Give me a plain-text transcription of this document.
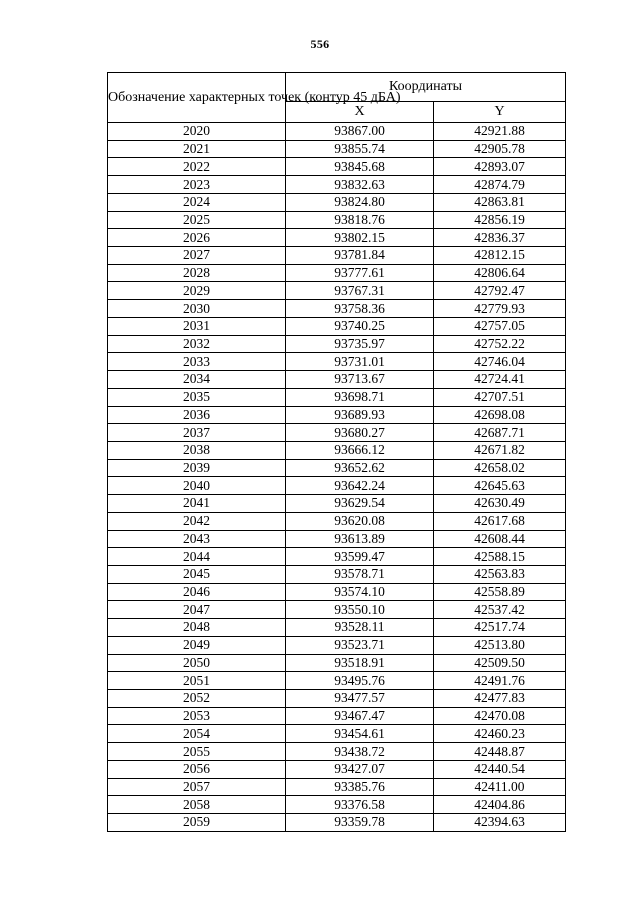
556
Обозначение характерных точек (контур 45 дБА)	Координаты	
	X	Y
2020	93867.00	42921.88
2021	93855.74	42905.78
2022	93845.68	42893.07
2023	93832.63	42874.79
2024	93824.80	42863.81
2025	93818.76	42856.19
2026	93802.15	42836.37
2027	93781.84	42812.15
2028	93777.61	42806.64
2029	93767.31	42792.47
2030	93758.36	42779.93
2031	93740.25	42757.05
2032	93735.97	42752.22
2033	93731.01	42746.04
2034	93713.67	42724.41
2035	93698.71	42707.51
2036	93689.93	42698.08
2037	93680.27	42687.71
2038	93666.12	42671.82
2039	93652.62	42658.02
2040	93642.24	42645.63
2041	93629.54	42630.49
2042	93620.08	42617.68
2043	93613.89	42608.44
2044	93599.47	42588.15
2045	93578.71	42563.83
2046	93574.10	42558.89
2047	93550.10	42537.42
2048	93528.11	42517.74
2049	93523.71	42513.80
2050	93518.91	42509.50
2051	93495.76	42491.76
2052	93477.57	42477.83
2053	93467.47	42470.08
2054	93454.61	42460.23
2055	93438.72	42448.87
2056	93427.07	42440.54
2057	93385.76	42411.00
2058	93376.58	42404.86
2059	93359.78	42394.63
